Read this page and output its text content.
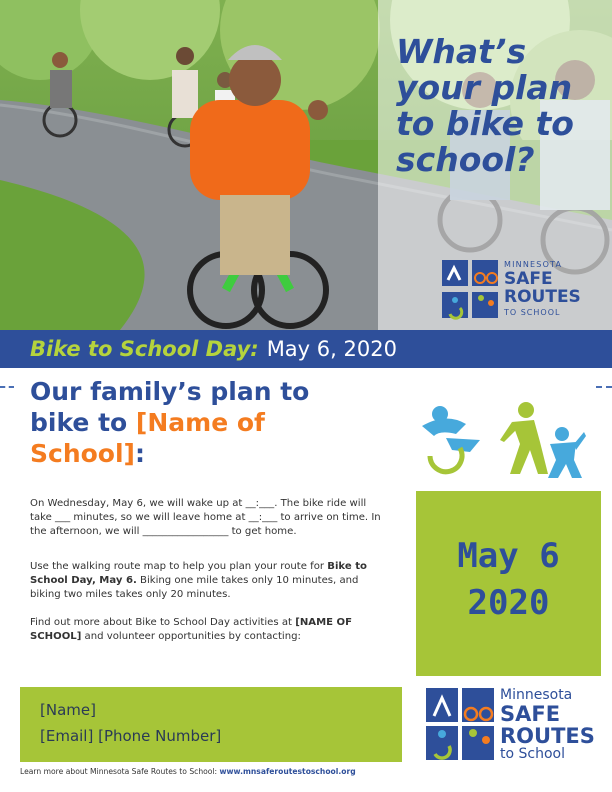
What’s
your plan
to bike to
school?
MINNESOTA
SAFE
ROUTES
TO SCHOOL
Bike to School Day: May 6, 2020
Our family’s plan to bike to [Name of School]:
On Wednesday, May 6, we will wake up at __:___. The bike ride will take ___ minutes, so we will leave home at __:___ to arrive on time. In the afternoon, we will _________________ to get home.
Use the walking route map to help you plan your route for Bike to School Day, May 6. Biking one mile takes only 10 minutes, and biking two miles takes only 20 minutes.
Find out more about Bike to School Day activities at [NAME OF SCHOOL] and volunteer opportunities by contacting:
May 6
2020
[Name]
[Email] [Phone Number]
Learn more about Minnesota Safe Routes to School: www.mnsaferoutestoschool.org
Minnesota
SAFE
ROUTES
to School
